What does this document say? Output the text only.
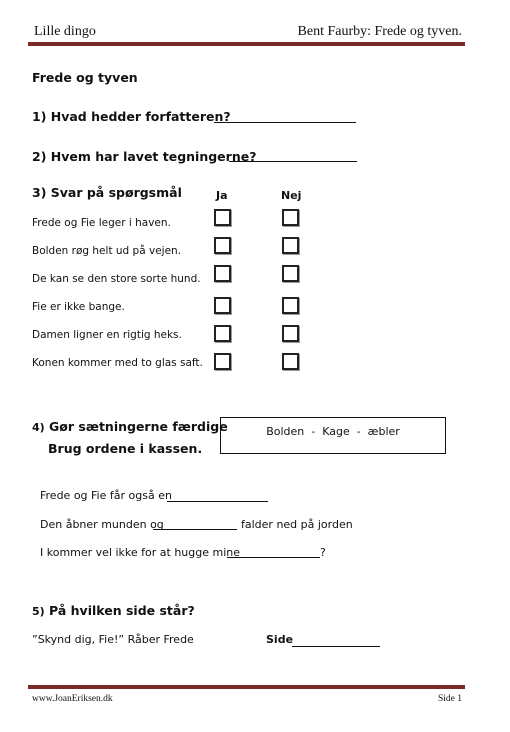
Lille dingo	Bent Faurby: Frede og tyven.
Frede og tyven
1) Hvad hedder forfatteren?
2) Hvem har lavet tegningerne?
3) Svar på spørgsmål	Ja	Nej
Frede og Fie leger i haven.
Bolden røg helt ud på vejen.
De kan se den store sorte hund.
Fie er ikke bange.
Damen ligner en rigtig heks.
Konen kommer med to glas saft.
4) Gør sætningerne færdige
Brug ordene i kassen.
Bolden  -  Kage  -  æbler
Frede og Fie får også en
Den åbner munden og	falder ned på jorden
I kommer vel ikke for at hugge mine	?
5) På hvilken side står?
”Skynd dig, Fie!” Råber Frede	Side
www.JoanEriksen.dk	Side 1
